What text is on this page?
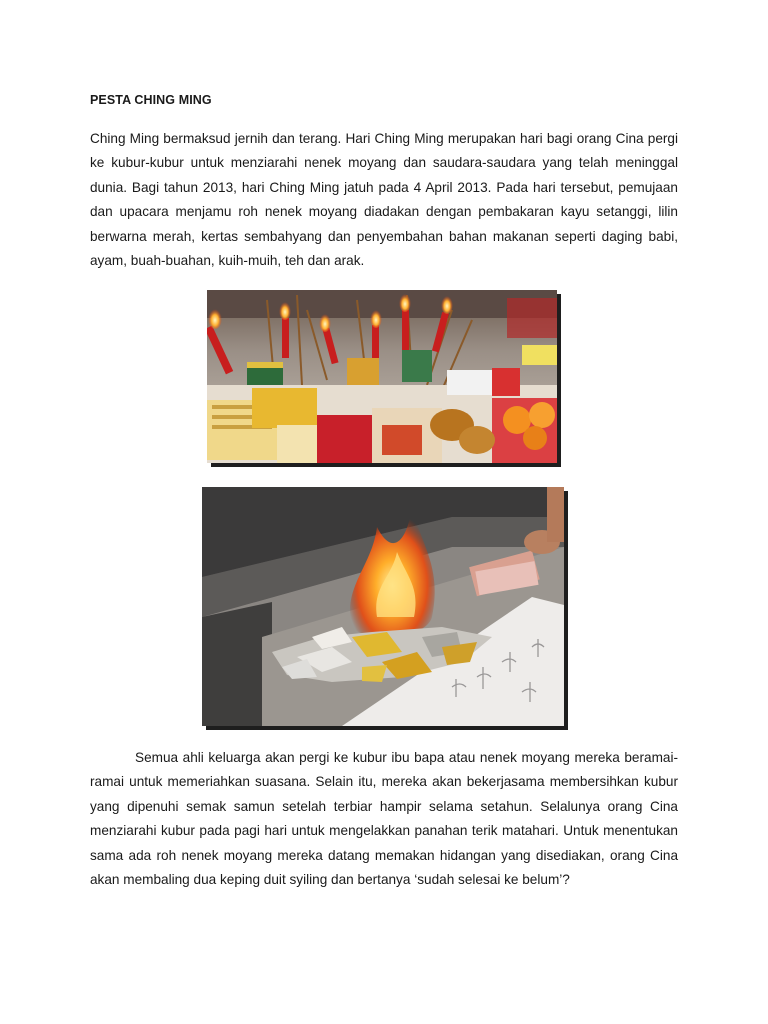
PESTA CHING MING

Ching Ming bermaksud jernih dan terang. Hari Ching Ming merupakan hari bagi orang Cina pergi ke kubur-kubur untuk menziarahi nenek moyang dan saudara-saudara yang telah meninggal dunia. Bagi tahun 2013, hari Ching Ming jatuh pada 4 April 2013. Pada hari tersebut, pemujaan dan upacara menjamu roh nenek moyang diadakan dengan pembakaran kayu setanggi, lilin berwarna merah, kertas sembahyang dan penyembahan bahan makanan seperti daging babi, ayam, buah-buahan, kuih-muih, teh dan arak.

Semua ahli keluarga akan pergi ke kubur ibu bapa atau nenek moyang mereka beramai-ramai untuk memeriahkan suasana. Selain itu, mereka akan bekerjasama membersihkan kubur yang dipenuhi semak samun setelah terbiar hampir selama setahun. Selalunya orang Cina menziarahi kubur pada pagi hari untuk mengelakkan panahan terik matahari. Untuk menentukan sama ada roh nenek moyang mereka datang memakan hidangan yang disediakan, orang Cina akan membaling dua keping duit syiling dan bertanya ‘sudah selesai ke belum’?
